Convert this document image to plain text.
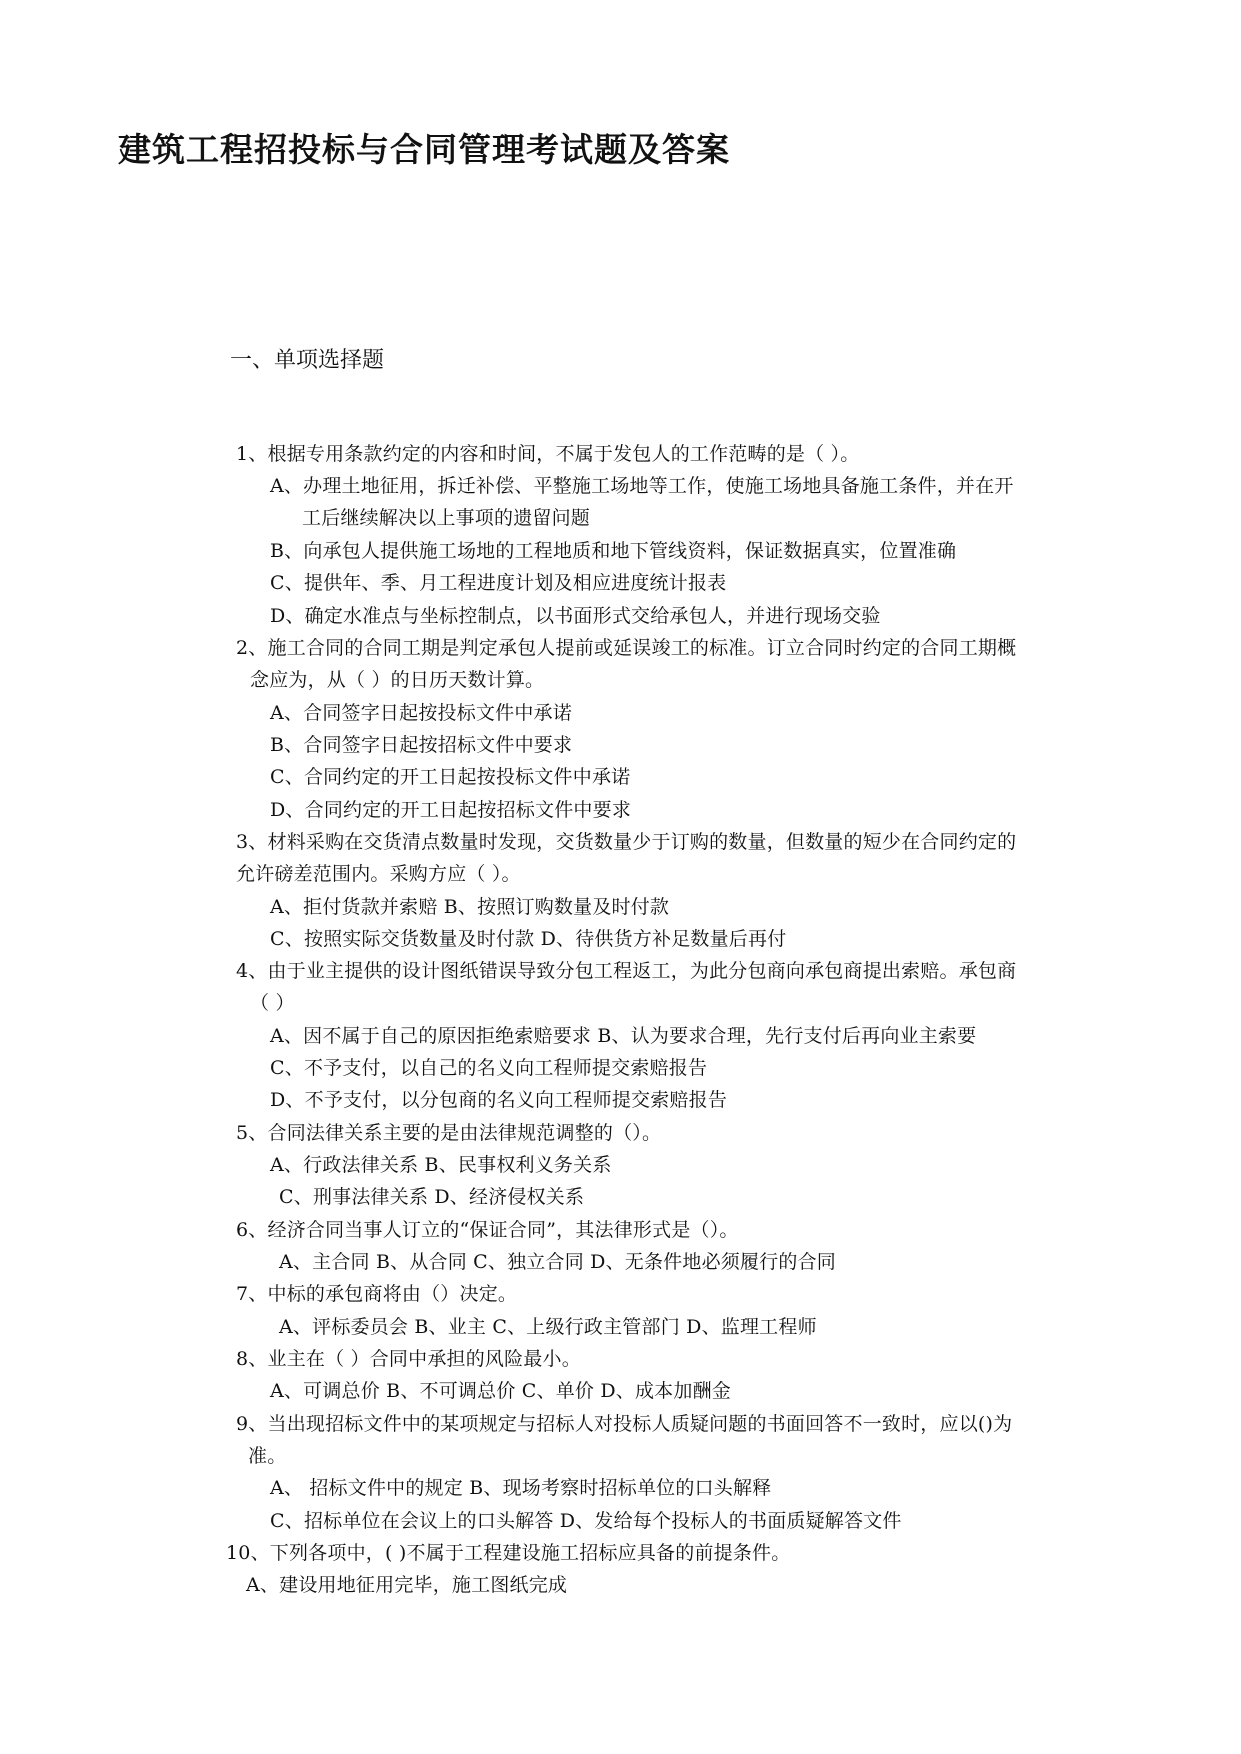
建筑工程招投标与合同管理考试题及答案
一、单项选择题
1、根据专用条款约定的内容和时间，不属于发包人的工作范畴的是（ ）。
A、办理土地征用，拆迁补偿、平整施工场地等工作，使施工场地具备施工条件，并在开
工后继续解决以上事项的遗留问题
B、向承包人提供施工场地的工程地质和地下管线资料，保证数据真实，位置准确
C、提供年、季、月工程进度计划及相应进度统计报表
D、确定水准点与坐标控制点，以书面形式交给承包人，并进行现场交验
2、施工合同的合同工期是判定承包人提前或延误竣工的标准。订立合同时约定的合同工期概
念应为，从（ ）的日历天数计算。
A、合同签字日起按投标文件中承诺
B、合同签字日起按招标文件中要求
C、合同约定的开工日起按投标文件中承诺
D、合同约定的开工日起按招标文件中要求
3、材料采购在交货清点数量时发现，交货数量少于订购的数量，但数量的短少在合同约定的
允许磅差范围内。采购方应（ ）。
A、拒付货款并索赔 B、按照订购数量及时付款
C、按照实际交货数量及时付款 D、待供货方补足数量后再付
4、由于业主提供的设计图纸错误导致分包工程返工，为此分包商向承包商提出索赔。承包商
（ ）
A、因不属于自己的原因拒绝索赔要求 B、认为要求合理，先行支付后再向业主索要
C、不予支付，以自己的名义向工程师提交索赔报告
D、不予支付，以分包商的名义向工程师提交索赔报告
5、合同法律关系主要的是由法律规范调整的（）。
A、行政法律关系 B、民事权利义务关系
C、刑事法律关系 D、经济侵权关系
6、经济合同当事人订立的“保证合同”，其法律形式是（）。
A、主合同 B、从合同 C、独立合同 D、无条件地必须履行的合同
7、中标的承包商将由（）决定。
A、评标委员会 B、业主 C、上级行政主管部门 D、监理工程师
8、业主在（ ）合同中承担的风险最小。
A、可调总价 B、不可调总价 C、单价 D、成本加酬金
9、当出现招标文件中的某项规定与招标人对投标人质疑问题的书面回答不一致时，应以()为
准。
A、 招标文件中的规定 B、现场考察时招标单位的口头解释
C、招标单位在会议上的口头解答 D、发给每个投标人的书面质疑解答文件
10、下列各项中，( )不属于工程建设施工招标应具备的前提条件。
A、建设用地征用完毕，施工图纸完成
